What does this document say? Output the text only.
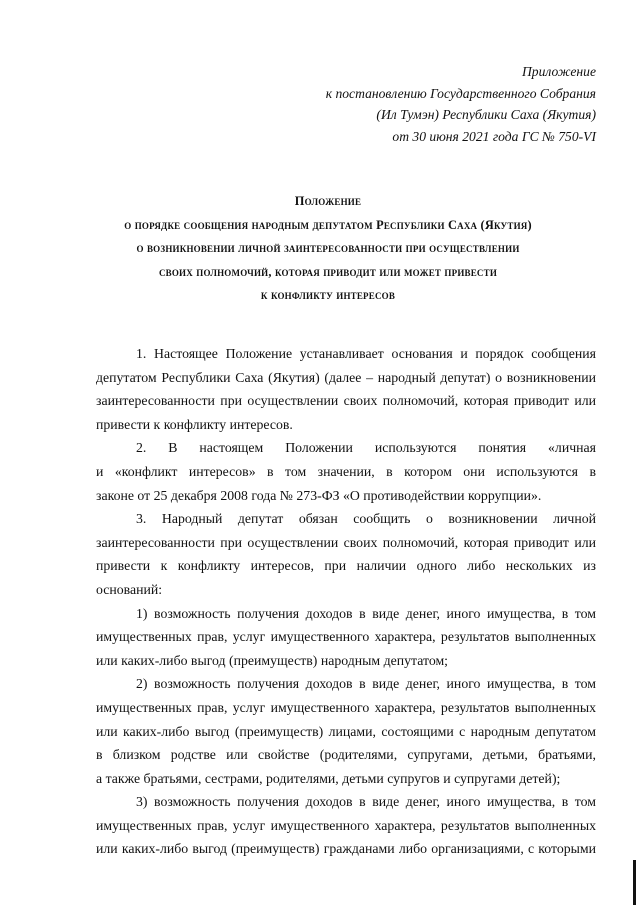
Приложение
к постановлению Государственного Собрания
(Ил Тумэн) Республики Саха (Якутия)
от 30 июня 2021 года ГС № 750-VI
Положение
о порядке сообщения народным депутатом Республики Саха (Якутия)
о возникновении личной заинтересованности при осуществлении
своих полномочий, которая приводит или может привести
к конфликту интересов
1. Настоящее Положение устанавливает основания и порядок сообщения
депутатом Республики Саха (Якутия) (далее – народный депутат) о возникновении
заинтересованности при осуществлении своих полномочий, которая приводит или
привести к конфликту интересов.
2. В настоящем Положении используются понятия «личная
и «конфликт интересов» в том значении, в котором они используются в
законе от 25 декабря 2008 года № 273-ФЗ «О противодействии коррупции».
3. Народный депутат обязан сообщить о возникновении личной
заинтересованности при осуществлении своих полномочий, которая приводит или
привести к конфликту интересов, при наличии одного либо нескольких из
оснований:
1) возможность получения доходов в виде денег, иного имущества, в том
имущественных прав, услуг имущественного характера, результатов выполненных
или каких-либо выгод (преимуществ) народным депутатом;
2) возможность получения доходов в виде денег, иного имущества, в том
имущественных прав, услуг имущественного характера, результатов выполненных
или каких-либо выгод (преимуществ) лицами, состоящими с народным депутатом
в близком родстве или свойстве (родителями, супругами, детьми, братьями,
а также братьями, сестрами, родителями, детьми супругов и супругами детей);
3) возможность получения доходов в виде денег, иного имущества, в том
имущественных прав, услуг имущественного характера, результатов выполненных
или каких-либо выгод (преимуществ) гражданами либо организациями, с которыми
